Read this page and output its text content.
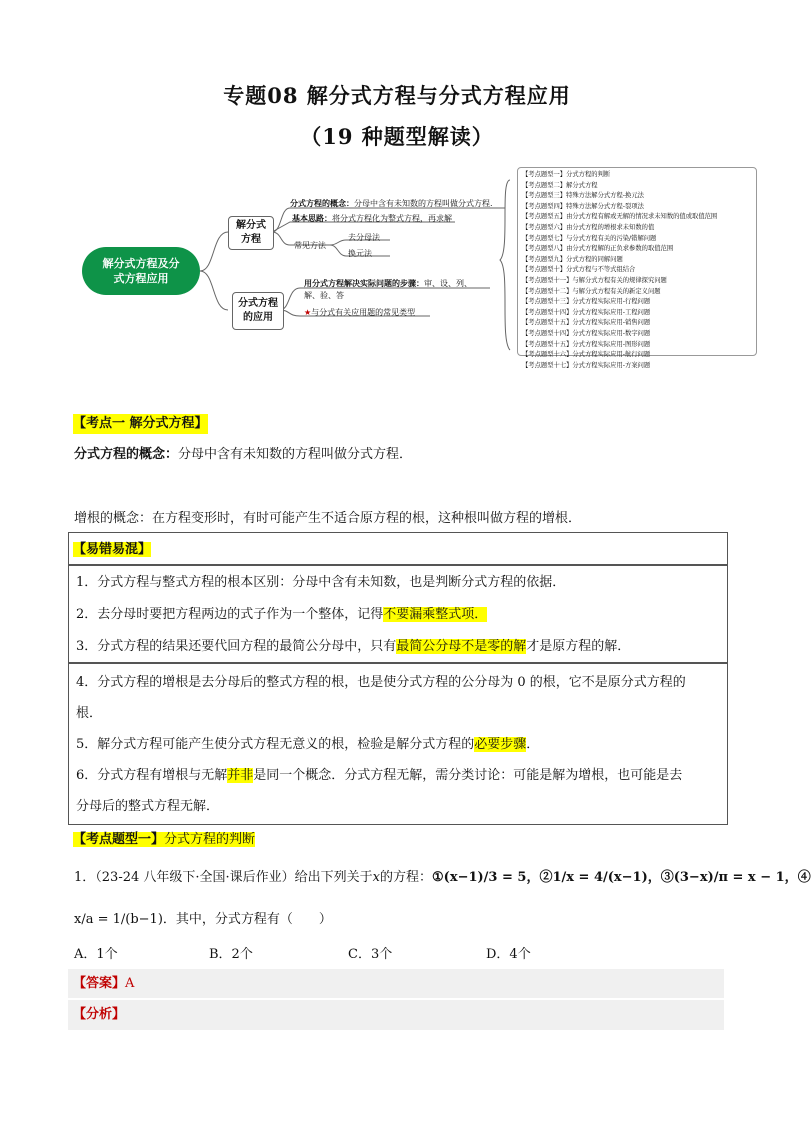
专题08 解分式方程与分式方程应用
（19 种题型解读）
解分式方程及分式方程应用
解分式方程
分式方程的应用
分式方程的概念：分母中含有未知数的方程叫做分式方程.
基本思路：将分式方程化为整式方程，再求解
常见方法
去分母法
换元法
用分式方程解决实际问题的步骤：审、设、列、
解、验、答
★与分式有关应用题的常见类型
【考点题型一】分式方程的判断
【考点题型二】解分式方程
【考点题型三】特殊方法解分式方程-换元法
【考点题型四】特殊方法解分式方程-裂项法
【考点题型五】由分式方程有解或无解的情况求未知数的值或取值范围
【考点题型六】由分式方程的增根求未知数的值
【考点题型七】与分式方程有关的污染/错解问题
【考点题型八】由分式方程解的正负求参数的取值范围
【考点题型九】分式方程的同解问题
【考点题型十】分式方程与不等式组结合
【考点题型十一】与解分式方程有关的规律探究问题
【考点题型十二】与解分式方程有关的新定义问题
【考点题型十三】分式方程实际应用-行程问题
【考点题型十四】分式方程实际应用-工程问题
【考点题型十五】分式方程实际应用-销售问题
【考点题型十四】分式方程实际应用-数字问题
【考点题型十五】分式方程实际应用-图形问题
【考点题型十六】分式方程实际应用-航行问题
【考点题型十七】分式方程实际应用-方案问题
【考点一 解分式方程】
分式方程的概念：分母中含有未知数的方程叫做分式方程．
增根的概念：在方程变形时，有时可能产生不适合原方程的根，这种根叫做方程的增根．
【易错易混】
1．分式方程与整式方程的根本区别：分母中含有未知数，也是判断分式方程的依据．
2．去分母时要把方程两边的式子作为一个整体，记得不要漏乘整式项．
3．分式方程的结果还要代回方程的最简公分母中，只有最简公分母不是零的解才是原方程的解．
4．分式方程的增根是去分母后的整式方程的根，也是使分式方程的公分母为 0 的根，它不是原分式方程的
根．
5．解分式方程可能产生使分式方程无意义的根，检验是解分式方程的必要步骤．
6．分式方程有增根与无解并非是同一个概念．分式方程无解，需分类讨论：可能是解为增根，也可能是去
分母后的整式方程无解．
【考点题型一】分式方程的判断
1．（23-24 八年级下·全国·课后作业）给出下列关于x的方程：①(x−1)/3 = 5，②1/x = 4/(x−1)，③(3−x)/π = x − 1，④
x/a = 1/(b−1)．其中，分式方程有（　　）
A．1个	B．2个	C．3个	D．4个
【答案】A
【分析】
